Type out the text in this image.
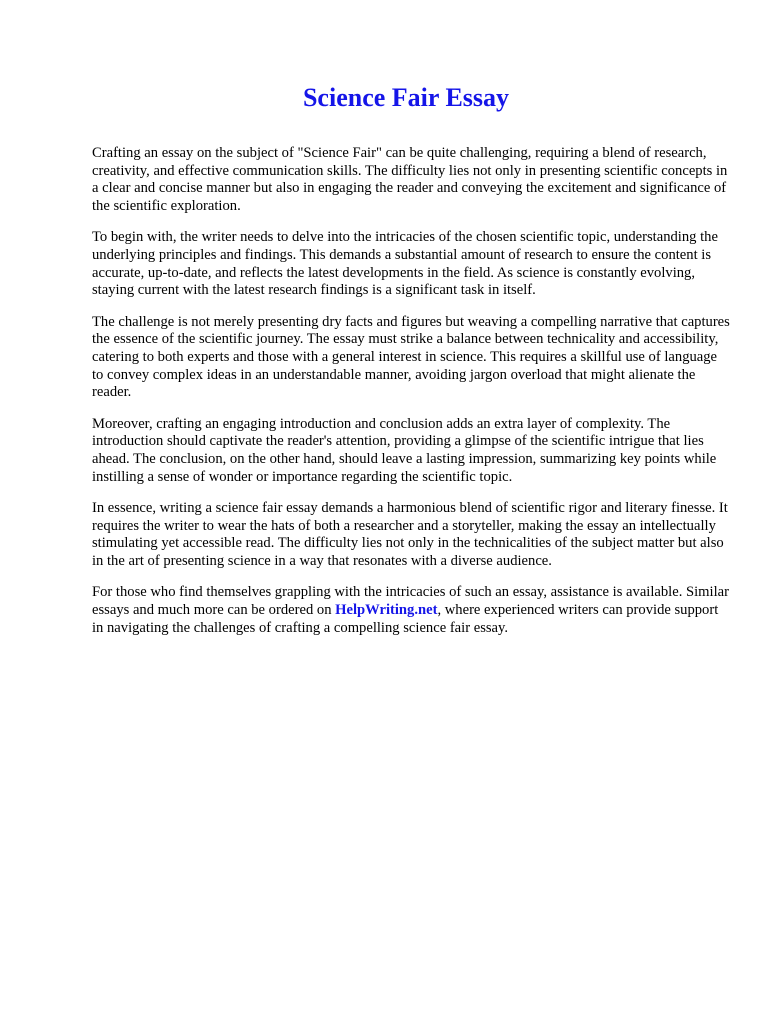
Science Fair Essay

Crafting an essay on the subject of "Science Fair" can be quite challenging, requiring a blend of research, creativity, and effective communication skills. The difficulty lies not only in presenting scientific concepts in a clear and concise manner but also in engaging the reader and conveying the excitement and significance of the scientific exploration.

To begin with, the writer needs to delve into the intricacies of the chosen scientific topic, understanding the underlying principles and findings. This demands a substantial amount of research to ensure the content is accurate, up-to-date, and reflects the latest developments in the field. As science is constantly evolving, staying current with the latest research findings is a significant task in itself.

The challenge is not merely presenting dry facts and figures but weaving a compelling narrative that captures the essence of the scientific journey. The essay must strike a balance between technicality and accessibility, catering to both experts and those with a general interest in science. This requires a skillful use of language to convey complex ideas in an understandable manner, avoiding jargon overload that might alienate the reader.

Moreover, crafting an engaging introduction and conclusion adds an extra layer of complexity. The introduction should captivate the reader's attention, providing a glimpse of the scientific intrigue that lies ahead. The conclusion, on the other hand, should leave a lasting impression, summarizing key points while instilling a sense of wonder or importance regarding the scientific topic.

In essence, writing a science fair essay demands a harmonious blend of scientific rigor and literary finesse. It requires the writer to wear the hats of both a researcher and a storyteller, making the essay an intellectually stimulating yet accessible read. The difficulty lies not only in the technicalities of the subject matter but also in the art of presenting science in a way that resonates with a diverse audience.

For those who find themselves grappling with the intricacies of such an essay, assistance is available. Similar essays and much more can be ordered on HelpWriting.net, where experienced writers can provide support in navigating the challenges of crafting a compelling science fair essay.
